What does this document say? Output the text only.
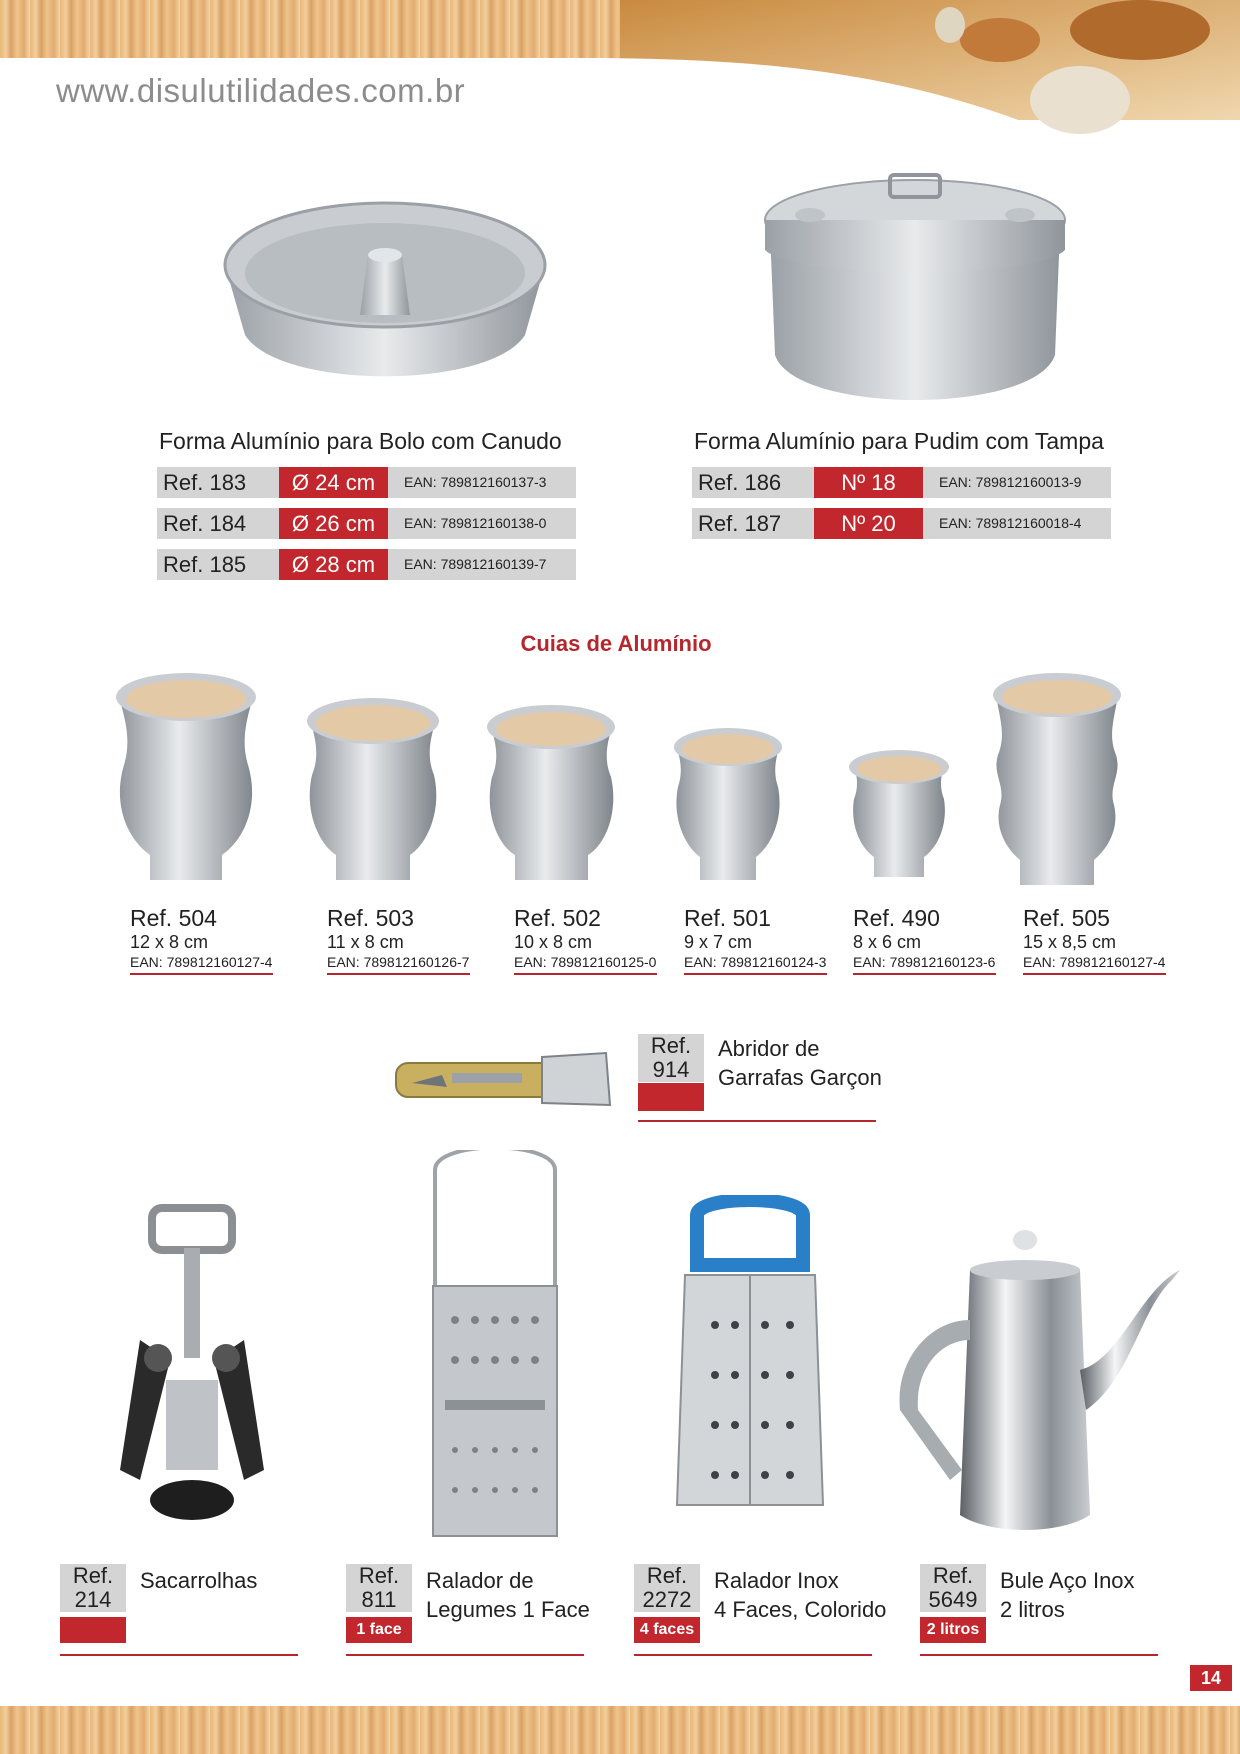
www.disulutilidades.com.br
Forma Alumínio para Bolo com Canudo
Ref. 183	Ø 24 cm	EAN: 789812160137-3
Ref. 184	Ø 26 cm	EAN: 789812160138-0
Ref. 185	Ø 28 cm	EAN: 789812160139-7
Forma Alumínio para Pudim com Tampa
Ref. 186	Nº 18	EAN: 789812160013-9
Ref. 187	Nº 20	EAN: 789812160018-4
Cuias de Alumínio
Ref. 504
12 x 8 cm
EAN: 789812160127-4
Ref. 503
11 x 8 cm
EAN: 789812160126-7
Ref. 502
10 x 8 cm
EAN: 789812160125-0
Ref. 501
9 x 7 cm
EAN: 789812160124-3
Ref. 490
8 x 6 cm
EAN: 789812160123-6
Ref. 505
15 x 8,5 cm
EAN: 789812160127-4
Ref.
914
Abridor de
Garrafas Garçon
Ref.
214
Sacarrolhas	Ref.
811
1 face
Ralador de
Legumes 1 Face
Ref.
2272
4 faces
Ralador Inox
4 Faces, Colorido
Ref.
5649
2 litros
Bule Aço Inox
2 litros
14
